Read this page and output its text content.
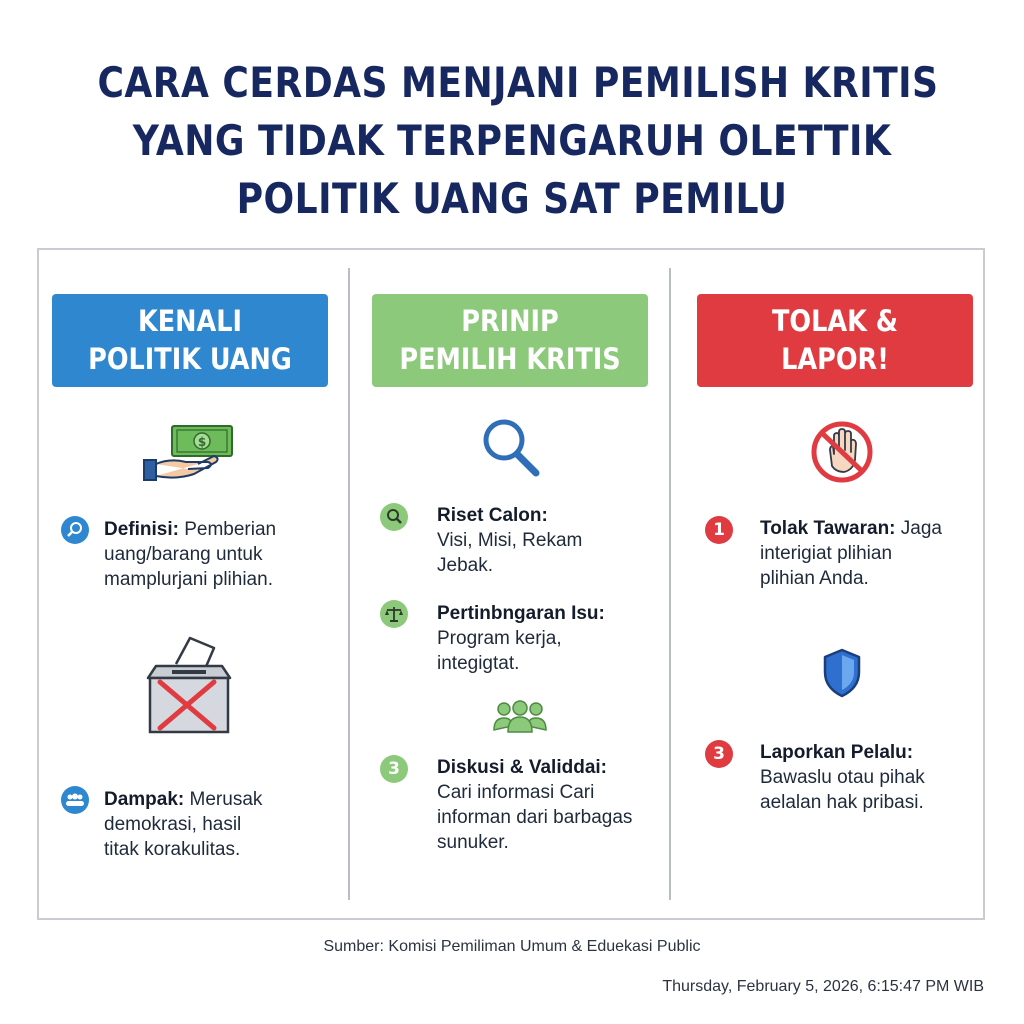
CARA CERDAS MENJANI PEMILISH KRITIS
YANG TIDAK TERPENGARUH OLETTIK
POLITIK UANG SAT PEMILU
KENALI
POLITIK UANG
$
Definisi: Pemberian
uang/barang untuk
mamplurjani plihian.
Dampak: Merusak
demokrasi, hasil
titak korakulitas.
PRINIP
PEMILIH KRITIS
Riset Calon:
Visi, Misi, Rekam
Jebak.
Pertinbngaran Isu:
Program kerja,
integigtat.
3 Diskusi & Validdai:
Cari informasi Cari
informan dari barbagas
sunuker.
TOLAK &
LAPOR!
1 Tolak Tawaran: Jaga
interigiat plihian
plihian Anda.
3 Laporkan Pelalu:
Bawaslu otau pihak
aelalan hak pribasi.
Sumber: Komisi Pemiliman Umum & Eduekasi Public
Thursday, February 5, 2026, 6:15:47 PM WIB
